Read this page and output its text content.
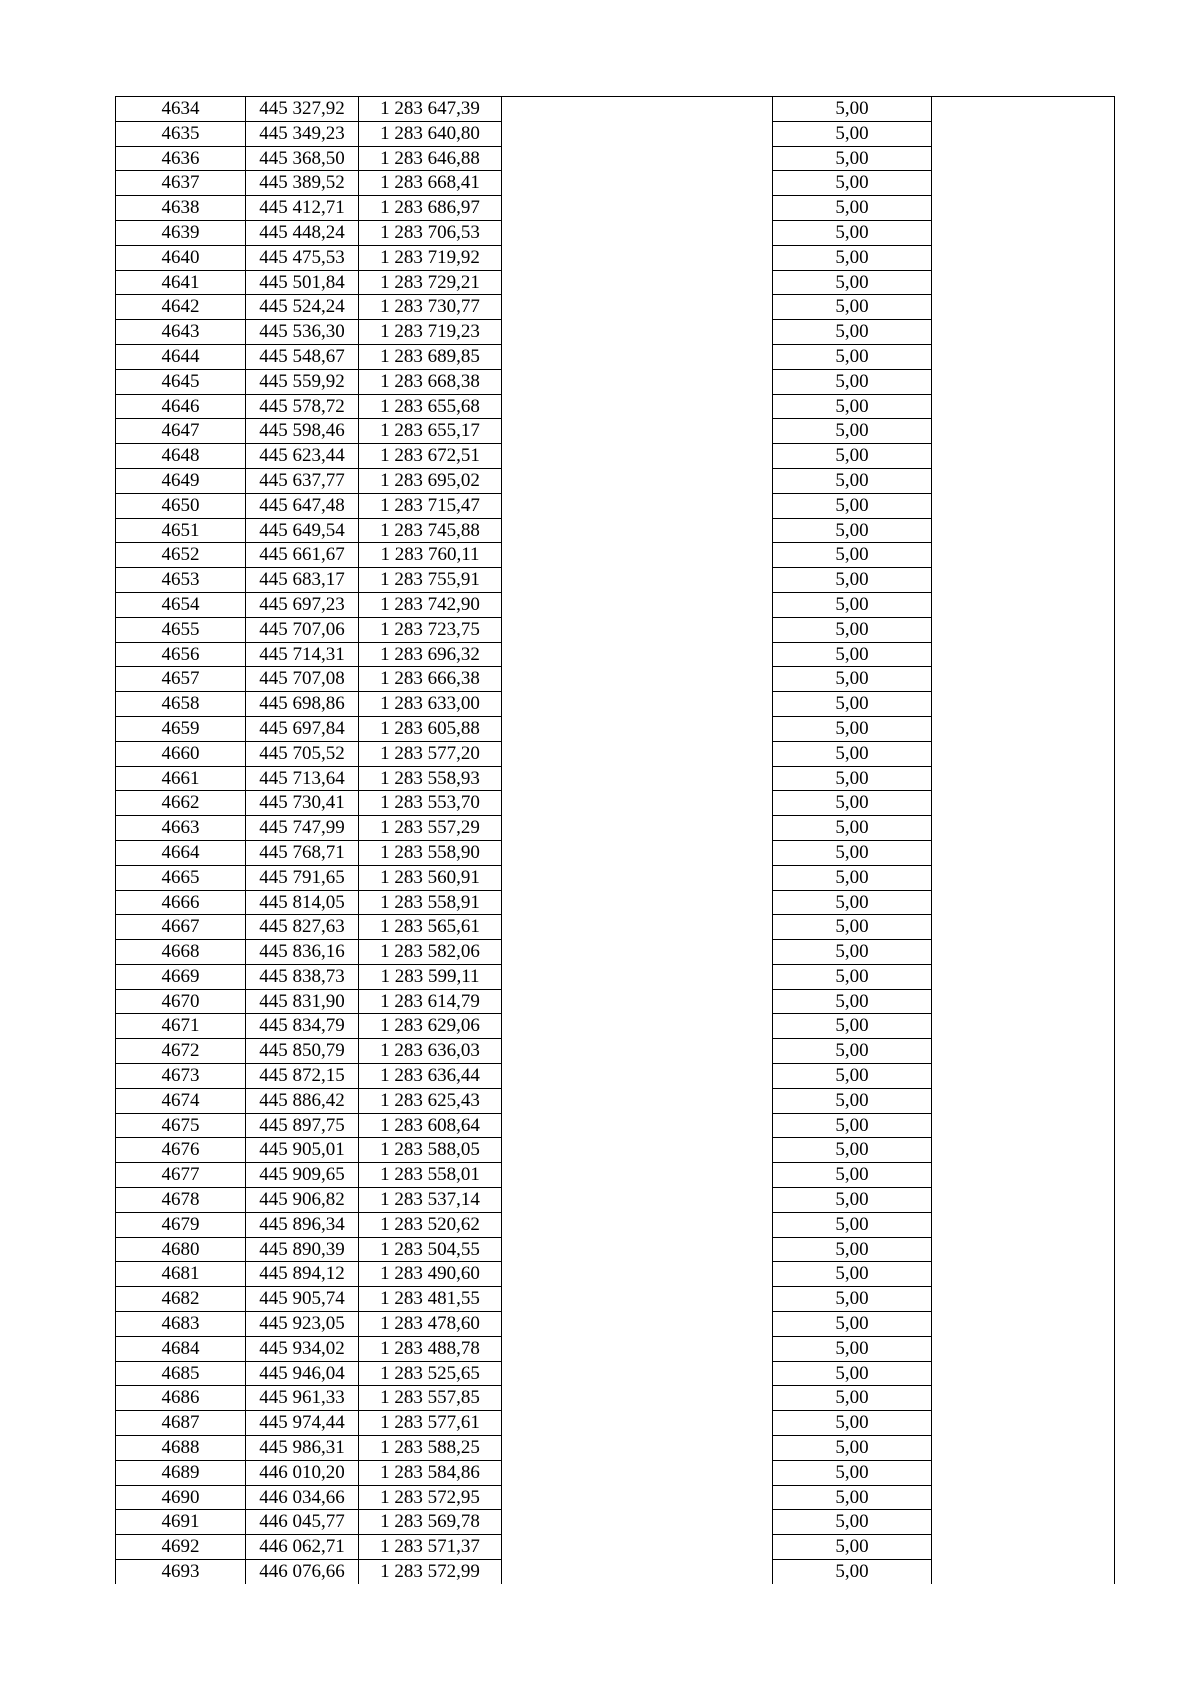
4634	445 327,92	1 283 647,39		5,00	
4635	445 349,23	1 283 640,80		5,00	
4636	445 368,50	1 283 646,88		5,00	
4637	445 389,52	1 283 668,41		5,00	
4638	445 412,71	1 283 686,97		5,00	
4639	445 448,24	1 283 706,53		5,00	
4640	445 475,53	1 283 719,92		5,00	
4641	445 501,84	1 283 729,21		5,00	
4642	445 524,24	1 283 730,77		5,00	
4643	445 536,30	1 283 719,23		5,00	
4644	445 548,67	1 283 689,85		5,00	
4645	445 559,92	1 283 668,38		5,00	
4646	445 578,72	1 283 655,68		5,00	
4647	445 598,46	1 283 655,17		5,00	
4648	445 623,44	1 283 672,51		5,00	
4649	445 637,77	1 283 695,02		5,00	
4650	445 647,48	1 283 715,47		5,00	
4651	445 649,54	1 283 745,88		5,00	
4652	445 661,67	1 283 760,11		5,00	
4653	445 683,17	1 283 755,91		5,00	
4654	445 697,23	1 283 742,90		5,00	
4655	445 707,06	1 283 723,75		5,00	
4656	445 714,31	1 283 696,32		5,00	
4657	445 707,08	1 283 666,38		5,00	
4658	445 698,86	1 283 633,00		5,00	
4659	445 697,84	1 283 605,88		5,00	
4660	445 705,52	1 283 577,20		5,00	
4661	445 713,64	1 283 558,93		5,00	
4662	445 730,41	1 283 553,70		5,00	
4663	445 747,99	1 283 557,29		5,00	
4664	445 768,71	1 283 558,90		5,00	
4665	445 791,65	1 283 560,91		5,00	
4666	445 814,05	1 283 558,91		5,00	
4667	445 827,63	1 283 565,61		5,00	
4668	445 836,16	1 283 582,06		5,00	
4669	445 838,73	1 283 599,11		5,00	
4670	445 831,90	1 283 614,79		5,00	
4671	445 834,79	1 283 629,06		5,00	
4672	445 850,79	1 283 636,03		5,00	
4673	445 872,15	1 283 636,44		5,00	
4674	445 886,42	1 283 625,43		5,00	
4675	445 897,75	1 283 608,64		5,00	
4676	445 905,01	1 283 588,05		5,00	
4677	445 909,65	1 283 558,01		5,00	
4678	445 906,82	1 283 537,14		5,00	
4679	445 896,34	1 283 520,62		5,00	
4680	445 890,39	1 283 504,55		5,00	
4681	445 894,12	1 283 490,60		5,00	
4682	445 905,74	1 283 481,55		5,00	
4683	445 923,05	1 283 478,60		5,00	
4684	445 934,02	1 283 488,78		5,00	
4685	445 946,04	1 283 525,65		5,00	
4686	445 961,33	1 283 557,85		5,00	
4687	445 974,44	1 283 577,61		5,00	
4688	445 986,31	1 283 588,25		5,00	
4689	446 010,20	1 283 584,86		5,00	
4690	446 034,66	1 283 572,95		5,00	
4691	446 045,77	1 283 569,78		5,00	
4692	446 062,71	1 283 571,37		5,00	
4693	446 076,66	1 283 572,99		5,00	
